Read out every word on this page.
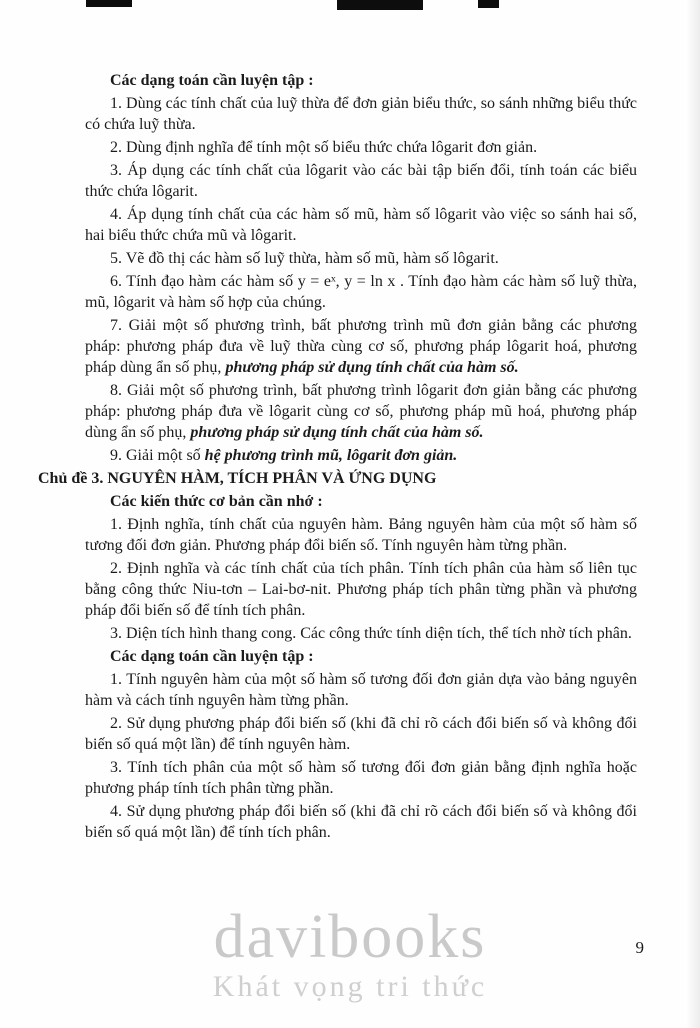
davibooks
Khát vọng tri thức

Các dạng toán cần luyện tập :

1. Dùng các tính chất của luỹ thừa để đơn giản biểu thức, so sánh những biểu thức có chứa luỹ thừa.

2. Dùng định nghĩa để tính một số biểu thức chứa lôgarit đơn giản.

3. Áp dụng các tính chất của lôgarit vào các bài tập biến đổi, tính toán các biểu thức chứa lôgarit.

4. Áp dụng tính chất của các hàm số mũ, hàm số lôgarit vào việc so sánh hai số, hai biểu thức chứa mũ và lôgarit.

5. Vẽ đồ thị các hàm số luỹ thừa, hàm số mũ, hàm số lôgarit.

6. Tính đạo hàm các hàm số y = eˣ, y = ln x . Tính đạo hàm các hàm số luỹ thừa, mũ, lôgarit và hàm số hợp của chúng.

7. Giải một số phương trình, bất phương trình mũ đơn giản bằng các phương pháp: phương pháp đưa về luỹ thừa cùng cơ số, phương pháp lôgarit hoá, phương pháp dùng ẩn số phụ, phương pháp sử dụng tính chất của hàm số.

8. Giải một số phương trình, bất phương trình lôgarit đơn giản bằng các phương pháp: phương pháp đưa về lôgarit cùng cơ số, phương pháp mũ hoá, phương pháp dùng ẩn số phụ, phương pháp sử dụng tính chất của hàm số.

9. Giải một số hệ phương trình mũ, lôgarit đơn giản.

Chủ đề 3. NGUYÊN HÀM, TÍCH PHÂN VÀ ỨNG DỤNG

Các kiến thức cơ bản cần nhớ :

1. Định nghĩa, tính chất của nguyên hàm. Bảng nguyên hàm của một số hàm số tương đối đơn giản. Phương pháp đổi biến số. Tính nguyên hàm từng phần.

2. Định nghĩa và các tính chất của tích phân. Tính tích phân của hàm số liên tục bằng công thức Niu-tơn – Lai-bơ-nit. Phương pháp tích phân từng phần và phương pháp đổi biến số để tính tích phân.

3. Diện tích hình thang cong. Các công thức tính diện tích, thể tích nhờ tích phân.

Các dạng toán cần luyện tập :

1. Tính nguyên hàm của một số hàm số tương đối đơn giản dựa vào bảng nguyên hàm và cách tính nguyên hàm từng phần.

2. Sử dụng phương pháp đổi biến số (khi đã chỉ rõ cách đổi biến số và không đổi biến số quá một lần) để tính nguyên hàm.

3. Tính tích phân của một số hàm số tương đối đơn giản bằng định nghĩa hoặc phương pháp tính tích phân từng phần.

4. Sử dụng phương pháp đổi biến số (khi đã chỉ rõ cách đổi biến số và không đổi biến số quá một lần) để tính tích phân.

9
